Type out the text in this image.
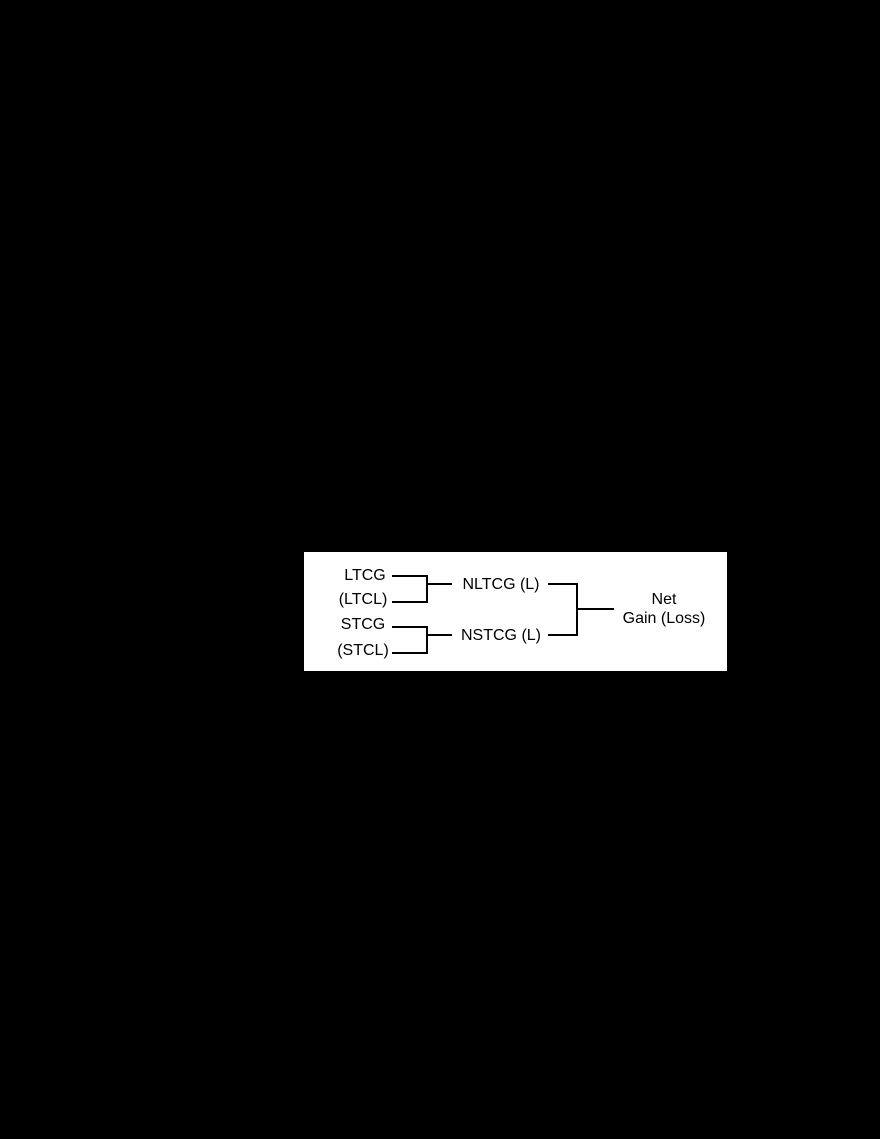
LTCG
(LTCL)
STCG
(STCL)
NLTCG (L)
NSTCG (L)
Net
Gain (Loss)
